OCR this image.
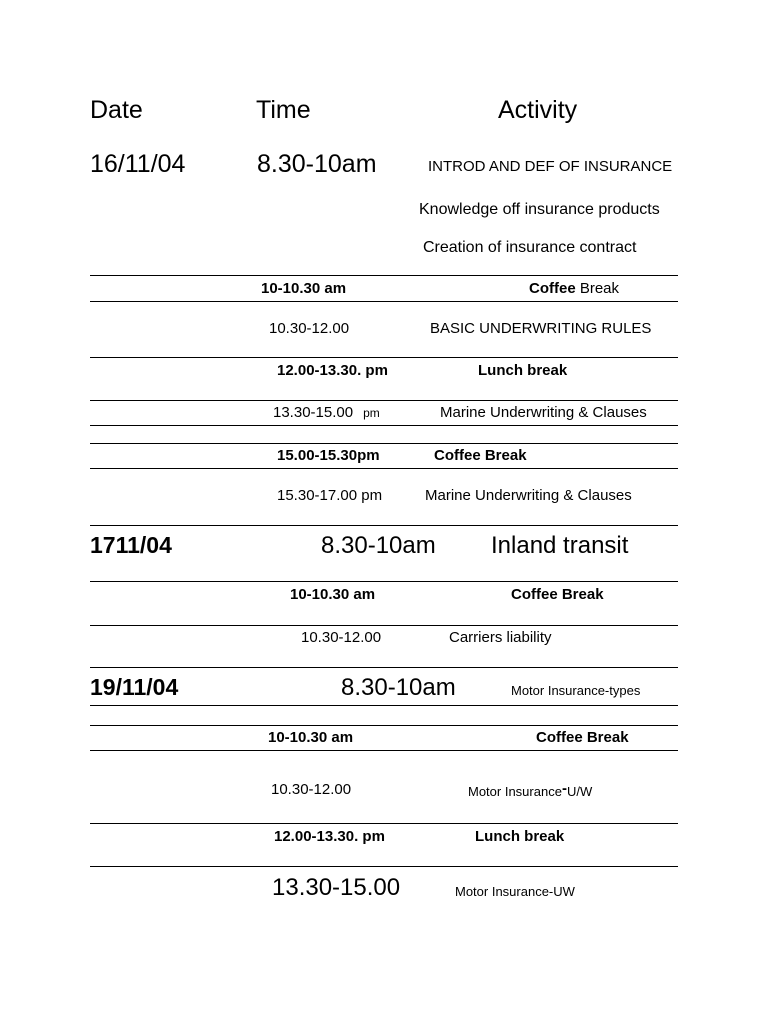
Date	Time	Activity
16/11/04	8.30-10am	INTROD AND DEF OF INSURANCE
Knowledge off insurance products
Creation of insurance contract
10-10.30 am	Coffee Break
10.30-12.00	BASIC UNDERWRITING RULES
12.00-13.30. pm	Lunch break
13.30-15.00 pm	Marine Underwriting & Clauses
15.00-15.30pm	Coffee Break
15.30-17.00 pm	Marine Underwriting & Clauses
1711/04	8.30-10am Inland transit
10-10.30 am	Coffee Break
10.30-12.00	Carriers liability
19/11/04	8.30-10am	Motor Insurance-types
10-10.30 am	Coffee Break
10.30-12.00	Motor Insurance-U/W
12.00-13.30. pm	Lunch break
13.30-15.00	Motor Insurance-UW
